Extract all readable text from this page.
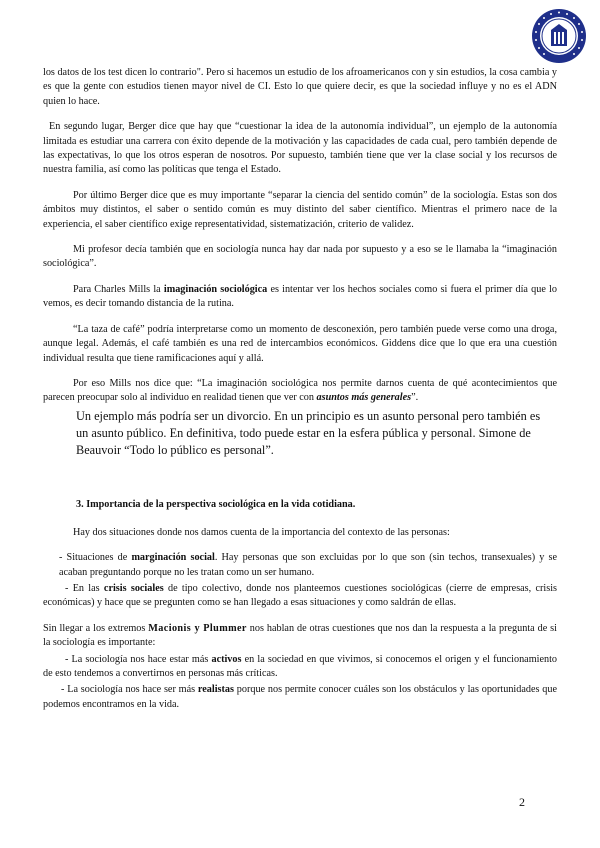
los datos de los test dicen lo contrario". Pero si hacemos un estudio de los afroamericanos con y sin estudios, la cosa cambia y es que la gente con estudios tienen mayor nivel de CI. Esto lo que quiere decir, es que la sociedad influye y no es el ADN quien lo hace.

En segundo lugar, Berger dice que hay que “cuestionar la idea de la autonomía individual”, un ejemplo de la autonomía limitada es estudiar una carrera con éxito depende de la motivación y las capacidades de cada cual, pero también depende de las expectativas, lo que los otros esperan de nosotros. Por supuesto, también tiene que ver la clase social y los recursos de nuestra familia, así como las políticas que tenga el Estado.

Por último Berger dice que es muy importante “separar la ciencia del sentido común” de la sociología. Estas son dos ámbitos muy distintos, el saber o sentido común es muy distinto del saber científico. Mientras el primero nace de la experiencia, el saber científico exige representatividad, sistematización, criterio de validez.

Mi profesor decía también que en sociología nunca hay dar nada por supuesto y a eso se le llamaba la “imaginación sociológica”.

Para Charles Mills la imaginación sociológica es intentar ver los hechos sociales como si fuera el primer día que lo vemos, es decir tomando distancia de la rutina.

“La taza de café” podría interpretarse como un momento de desconexión, pero también puede verse como una droga, aunque legal. Además, el café también es una red de intercambios económicos. Giddens dice que lo que era una cuestión individual resulta que tiene ramificaciones aquí y allá.

Por eso Mills nos dice que: “La imaginación sociológica nos permite darnos cuenta de qué acontecimientos que parecen preocupar solo al individuo en realidad tienen que ver con asuntos más generales”.

Un ejemplo más podría ser un divorcio. En un principio es un asunto personal pero también es un asunto público. En definitiva, todo puede estar en la esfera pública y personal. Simone de Beauvoir “Todo lo público es personal”.

3. Importancia de la perspectiva sociológica en la vida cotidiana.

Hay dos situaciones donde nos damos cuenta de la importancia del contexto de las personas:

- Situaciones de marginación social. Hay personas que son excluidas por lo que son (sin techos, transexuales) y se acaban preguntando porque no les tratan como un ser humano.

- En las crisis sociales de tipo colectivo, donde nos planteemos cuestiones sociológicas (cierre de empresas, crisis económicas) y hace que se pregunten como se han llegado a esas situaciones y como saldrán de ellas.

Sin llegar a los extremos Macionis y Plummer nos hablan de otras cuestiones que nos dan la respuesta a la pregunta de si la sociología es importante:

- La sociología nos hace estar más activos en la sociedad en que vivimos, si conocemos el origen y el funcionamiento de esto tendemos a convertirnos en personas más críticas.

- La sociología nos hace ser más realistas porque nos permite conocer cuáles son los obstáculos y las oportunidades que podemos encontramos en la vida.

2
